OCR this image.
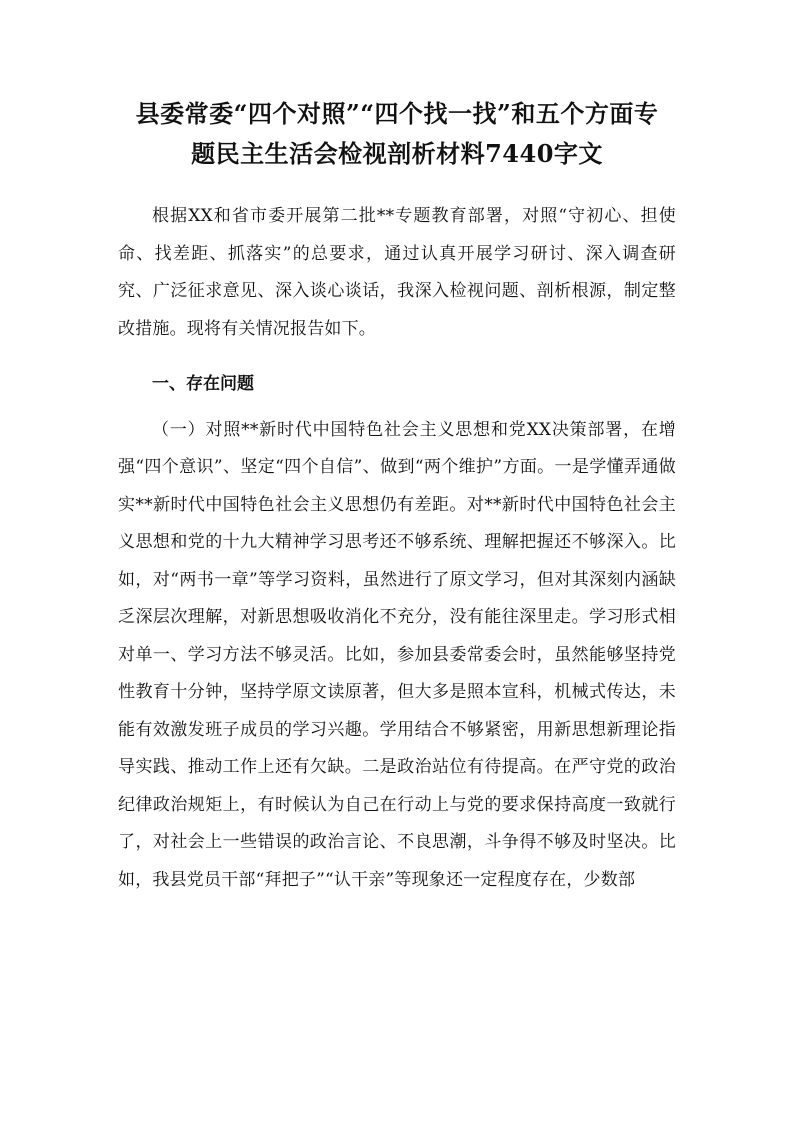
县委常委“四个对照”“四个找一找”和五个方面专
题民主生活会检视剖析材料7440字文

根据XX和省市委开展第二批**专题教育部署，对照“守初心、担使命、找差距、抓落实”的总要求，通过认真开展学习研讨、深入调查研究、广泛征求意见、深入谈心谈话，我深入检视问题、剖析根源，制定整改措施。现将有关情况报告如下。

一、存在问题

（一）对照**新时代中国特色社会主义思想和党XX决策部署，在增强“四个意识”、坚定“四个自信”、做到“两个维护”方面。一是学懂弄通做实**新时代中国特色社会主义思想仍有差距。对**新时代中国特色社会主义思想和党的十九大精神学习思考还不够系统、理解把握还不够深入。比如，对“两书一章”等学习资料，虽然进行了原文学习，但对其深刻内涵缺乏深层次理解，对新思想吸收消化不充分，没有能往深里走。学习形式相对单一、学习方法不够灵活。比如，参加县委常委会时，虽然能够坚持党性教育十分钟，坚持学原文读原著，但大多是照本宣科，机械式传达，未能有效激发班子成员的学习兴趣。学用结合不够紧密，用新思想新理论指导实践、推动工作上还有欠缺。二是政治站位有待提高。在严守党的政治纪律政治规矩上，有时候认为自己在行动上与党的要求保持高度一致就行了，对社会上一些错误的政治言论、不良思潮，斗争得不够及时坚决。比如，我县党员干部“拜把子”“认干亲”等现象还一定程度存在，少数部
